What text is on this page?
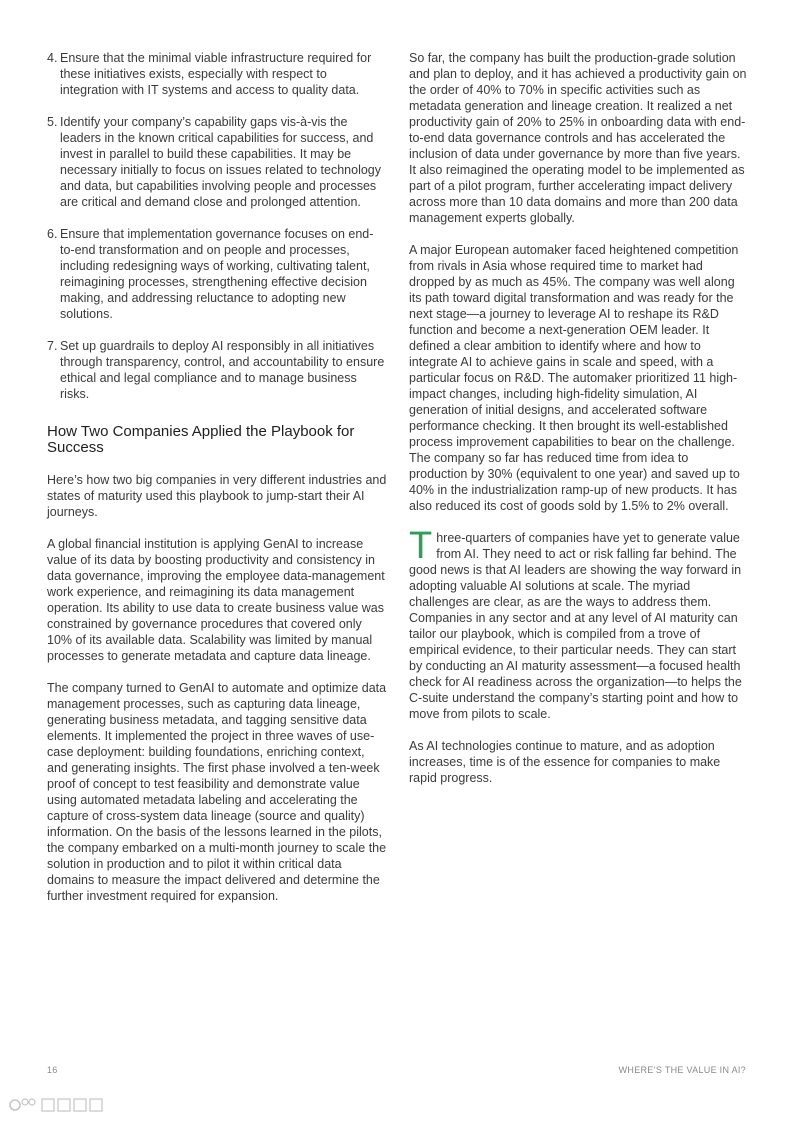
4. Ensure that the minimal viable infrastructure required for these initiatives exists, especially with respect to integration with IT systems and access to quality data.
5. Identify your company’s capability gaps vis-à-vis the leaders in the known critical capabilities for success, and invest in parallel to build these capabilities. It may be necessary initially to focus on issues related to technology and data, but capabilities involving people and processes are critical and demand close and prolonged attention.
6. Ensure that implementation governance focuses on end-to-end transformation and on people and processes, including redesigning ways of working, cultivating talent, reimagining processes, strengthening effective decision making, and addressing reluctance to adopting new solutions.
7. Set up guardrails to deploy AI responsibly in all initiatives through transparency, control, and accountability to ensure ethical and legal compliance and to manage business risks.
How Two Companies Applied the Playbook for Success

Here’s how two big companies in very different industries and states of maturity used this playbook to jump-start their AI journeys.

A global financial institution is applying GenAI to increase value of its data by boosting productivity and consistency in data governance, improving the employee data-management work experience, and reimagining its data management operation. Its ability to use data to create business value was constrained by governance procedures that covered only 10% of its available data. Scalability was limited by manual processes to generate metadata and capture data lineage.

The company turned to GenAI to automate and optimize data management processes, such as capturing data lineage, generating business metadata, and tagging sensitive data elements. It implemented the project in three waves of use-case deployment: building foundations, enriching context, and generating insights. The first phase involved a ten-week proof of concept to test feasibility and demonstrate value using automated metadata labeling and accelerating the capture of cross-system data lineage (source and quality) information. On the basis of the lessons learned in the pilots, the company embarked on a multi-month journey to scale the solution in production and to pilot it within critical data domains to measure the impact delivered and determine the further investment required for expansion.

So far, the company has built the production-grade solution and plan to deploy, and it has achieved a productivity gain on the order of 40% to 70% in specific activities such as metadata generation and lineage creation. It realized a net productivity gain of 20% to 25% in onboarding data with end-to-end data governance controls and has accelerated the inclusion of data under governance by more than five years. It also reimagined the operating model to be implemented as part of a pilot program, further accelerating impact delivery across more than 10 data domains and more than 200 data management experts globally.

A major European automaker faced heightened competition from rivals in Asia whose required time to market had dropped by as much as 45%. The company was well along its path toward digital transformation and was ready for the next stage—a journey to leverage AI to reshape its R&D function and become a next-generation OEM leader. It defined a clear ambition to identify where and how to integrate AI to achieve gains in scale and speed, with a particular focus on R&D. The automaker prioritized 11 high-impact changes, including high-fidelity simulation, AI generation of initial designs, and accelerated software performance checking. It then brought its well-established process improvement capabilities to bear on the challenge. The company so far has reduced time from idea to production by 30% (equivalent to one year) and saved up to 40% in the industrialization ramp-up of new products. It has also reduced its cost of goods sold by 1.5% to 2% overall.

Three-quarters of companies have yet to generate value from AI. They need to act or risk falling far behind. The good news is that AI leaders are showing the way forward in adopting valuable AI solutions at scale. The myriad challenges are clear, as are the ways to address them. Companies in any sector and at any level of AI maturity can tailor our playbook, which is compiled from a trove of empirical evidence, to their particular needs. They can start by conducting an AI maturity assessment—a focused health check for AI readiness across the organization—to helps the C-suite understand the company’s starting point and how to move from pilots to scale.

As AI technologies continue to mature, and as adoption increases, time is of the essence for companies to make rapid progress.

16	WHERE’S THE VALUE IN AI?
